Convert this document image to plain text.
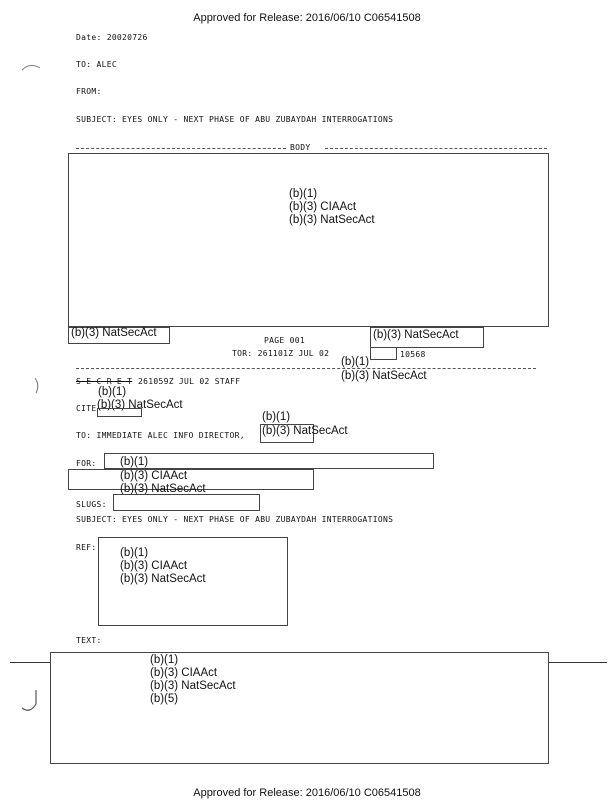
Approved for Release: 2016/06/10 C06541508
Date: 20020726
TO: ALEC
FROM:
SUBJECT: EYES ONLY - NEXT PHASE OF ABU ZUBAYDAH INTERROGATIONS
BODY
(b)(1)
(b)(3) CIAAct
(b)(3) NatSecAct
(b)(3) NatSecAct	(b)(3) NatSecAct
PAGE 001
TOR: 261101Z JUL 02	10568
(b)(1)
(b)(3) NatSecAct
S E C R E T 261059Z JUL 02 STAFF
(b)(1)
CITE (b)(3) NatSecAct
(b)(1)
TO: IMMEDIATE ALEC INFO DIRECTOR, (b)(3) NatSecAct
FOR: (b)(1)
(b)(3) CIAAct
(b)(3) NatSecAct
SLUGS:
SUBJECT: EYES ONLY - NEXT PHASE OF ABU ZUBAYDAH INTERROGATIONS
REF: (b)(1)
(b)(3) CIAAct
(b)(3) NatSecAct
TEXT:
(b)(1)
(b)(3) CIAAct
(b)(3) NatSecAct
(b)(5)
Approved for Release: 2016/06/10 C06541508
